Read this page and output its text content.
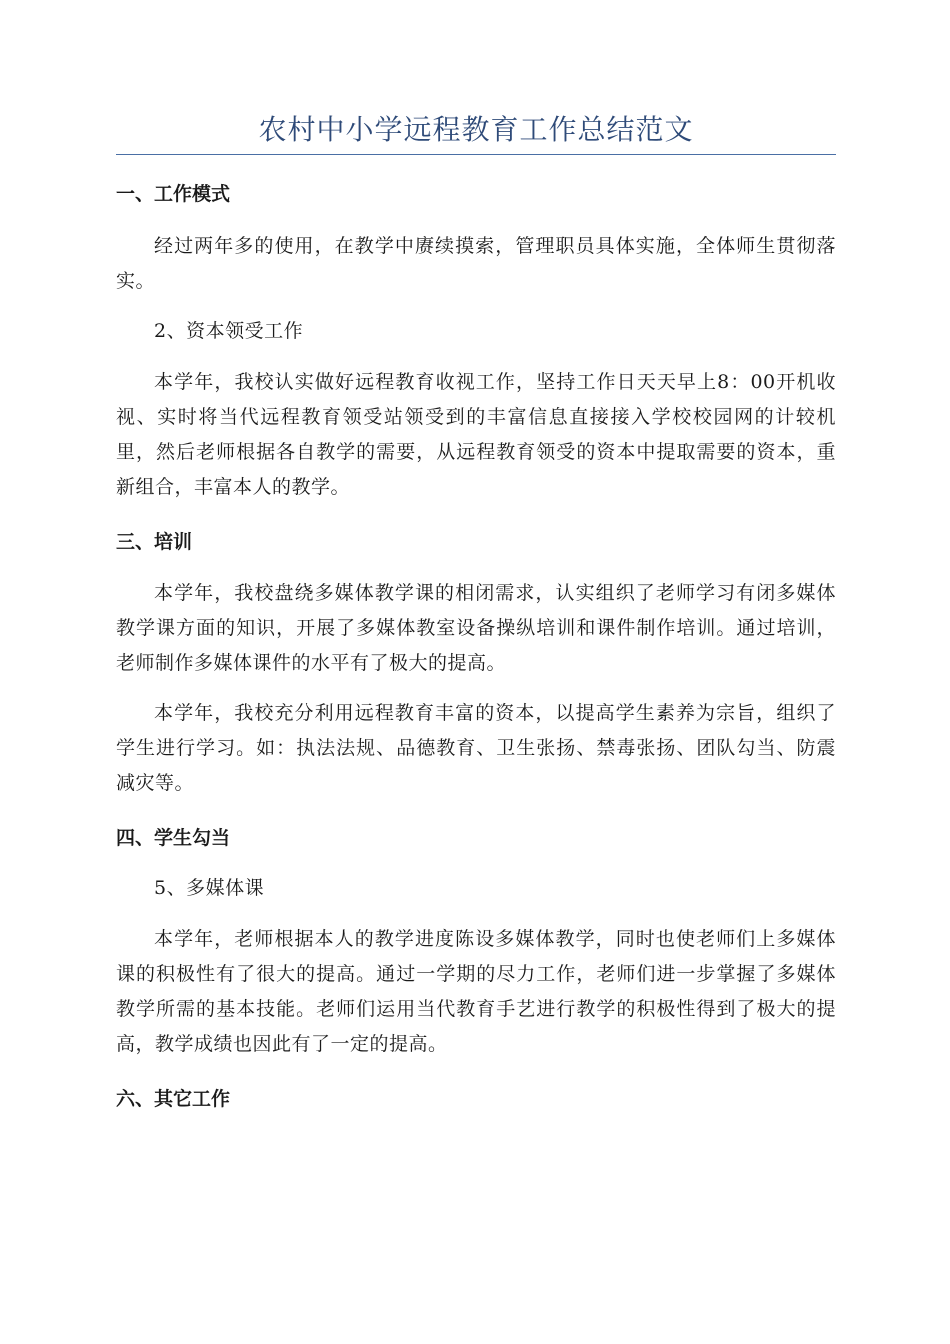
农村中小学远程教育工作总结范文

一、工作模式

经过两年多的使用，在教学中赓续摸索，管理职员具体实施，全体师生贯彻落实。

2、资本领受工作

本学年，我校认实做好远程教育收视工作，坚持工作日天天早上8：00开机收视、实时将当代远程教育领受站领受到的丰富信息直接接入学校校园网的计较机里，然后老师根据各自教学的需要，从远程教育领受的资本中提取需要的资本，重新组合，丰富本人的教学。

三、培训

本学年，我校盘绕多媒体教学课的相闭需求，认实组织了老师学习有闭多媒体教学课方面的知识，开展了多媒体教室设备操纵培训和课件制作培训。通过培训，老师制作多媒体课件的水平有了极大的提高。

本学年，我校充分利用远程教育丰富的资本，以提高学生素养为宗旨，组织了学生进行学习。如：执法法规、品德教育、卫生张扬、禁毒张扬、团队勾当、防震减灾等。

四、学生勾当

5、多媒体课

本学年，老师根据本人的教学进度陈设多媒体教学，同时也使老师们上多媒体课的积极性有了很大的提高。通过一学期的尽力工作，老师们进一步掌握了多媒体教学所需的基本技能。老师们运用当代教育手艺进行教学的积极性得到了极大的提高，教学成绩也因此有了一定的提高。

六、其它工作
